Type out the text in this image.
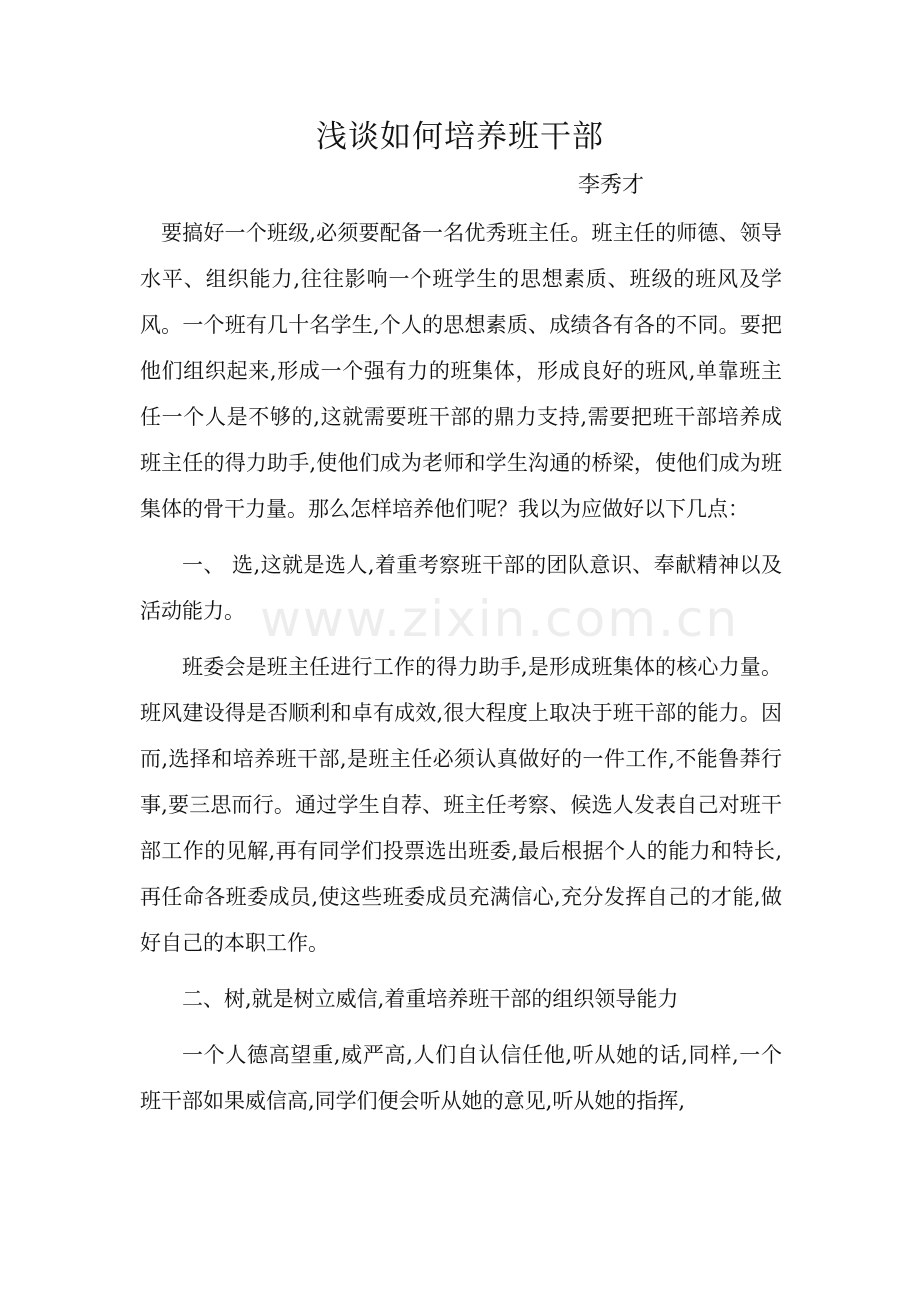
浅谈如何培养班干部
李秀才

要搞好一个班级,必须要配备一名优秀班主任。班主任的师德、领导水平、组织能力,往往影响一个班学生的思想素质、班级的班风及学风。一个班有几十名学生,个人的思想素质、成绩各有各的不同。要把他们组织起来,形成一个强有力的班集体，形成良好的班风,单靠班主任一个人是不够的,这就需要班干部的鼎力支持,需要把班干部培养成班主任的得力助手,使他们成为老师和学生沟通的桥梁，使他们成为班集体的骨干力量。那么怎样培养他们呢？我以为应做好以下几点：

一、 选,这就是选人,着重考察班干部的团队意识、奉献精神以及活动能力。

班委会是班主任进行工作的得力助手,是形成班集体的核心力量。班风建设得是否顺利和卓有成效,很大程度上取决于班干部的能力。因而,选择和培养班干部,是班主任必须认真做好的一件工作,不能鲁莽行事,要三思而行。通过学生自荐、班主任考察、候选人发表自己对班干部工作的见解,再有同学们投票选出班委,最后根据个人的能力和特长,再任命各班委成员,使这些班委成员充满信心,充分发挥自己的才能,做好自己的本职工作。

二、树,就是树立威信,着重培养班干部的组织领导能力

一个人德高望重,威严高,人们自认信任他,听从她的话,同样,一个班干部如果威信高,同学们便会听从她的意见,听从她的指挥,

www.zixin.com.cn
